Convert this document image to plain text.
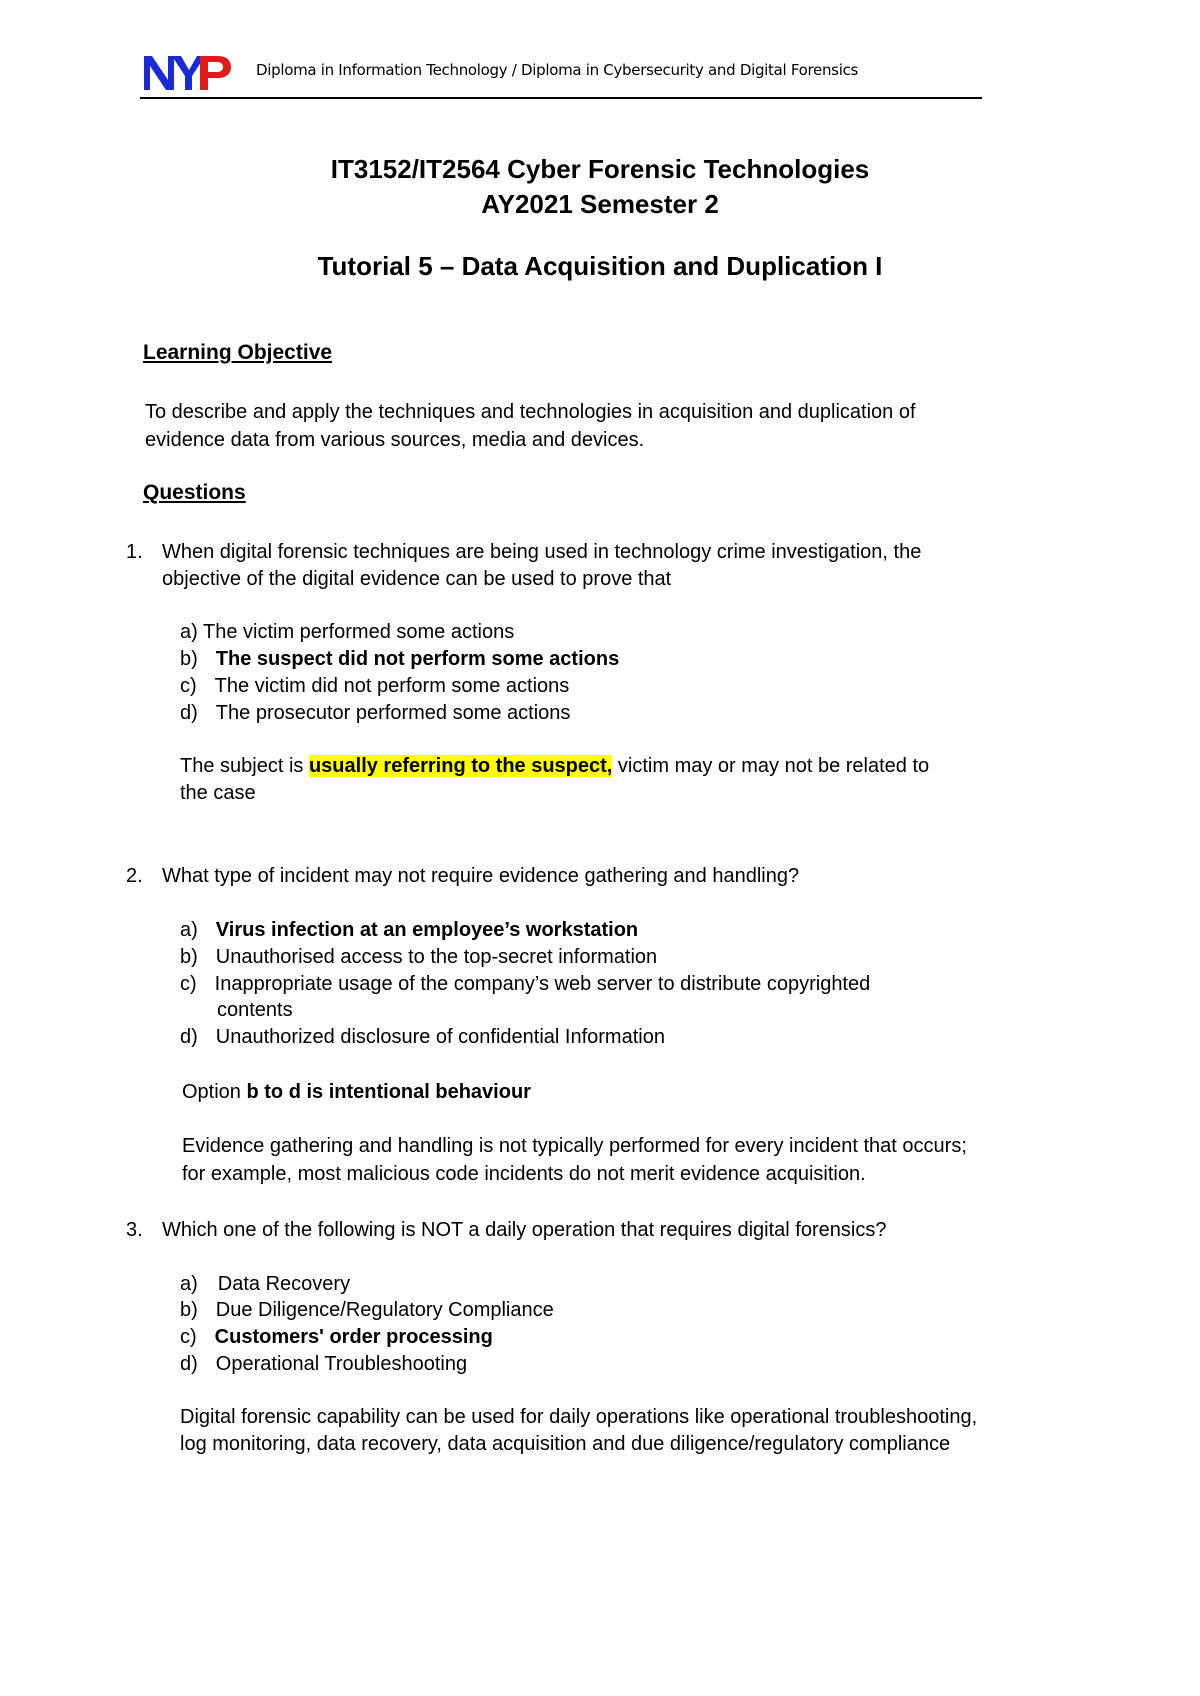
Diploma in Information Technology / Diploma in Cybersecurity and Digital Forensics
IT3152/IT2564 Cyber Forensic Technologies
AY2021 Semester 2
Tutorial 5 – Data Acquisition and Duplication I
Learning Objective
To describe and apply the techniques and technologies in acquisition and duplication of
evidence data from various sources, media and devices.
Questions
1. When digital forensic techniques are being used in technology crime investigation, the
objective of the digital evidence can be used to prove that
a) The victim performed some actions
b) The suspect did not perform some actions
c) The victim did not perform some actions
d) The prosecutor performed some actions
The subject is usually referring to the suspect, victim may or may not be related to
the case
2. What type of incident may not require evidence gathering and handling?
a) Virus infection at an employee’s workstation
b) Unauthorised access to the top-secret information
c) Inappropriate usage of the company’s web server to distribute copyrighted
contents
d) Unauthorized disclosure of confidential Information
Option b to d is intentional behaviour
Evidence gathering and handling is not typically performed for every incident that occurs;
for example, most malicious code incidents do not merit evidence acquisition.
3. Which one of the following is NOT a daily operation that requires digital forensics?
a) Data Recovery
b) Due Diligence/Regulatory Compliance
c) Customers' order processing
d) Operational Troubleshooting
Digital forensic capability can be used for daily operations like operational troubleshooting,
log monitoring, data recovery, data acquisition and due diligence/regulatory compliance
